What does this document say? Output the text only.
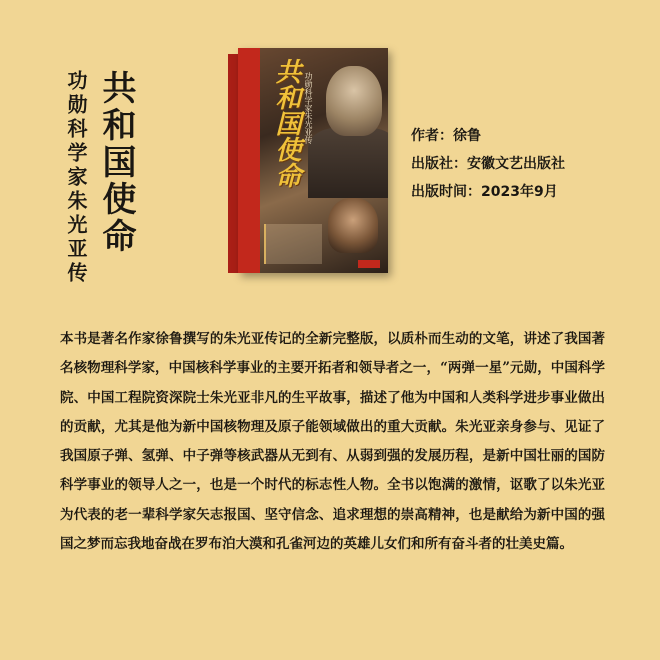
共和国使命
功勋科学家朱光亚传	共和国使命 功勋科学家朱光亚传	作者：徐鲁
出版社：安徽文艺出版社
出版时间：2023年9月

本书是著名作家徐鲁撰写的朱光亚传记的全新完整版，以质朴而生动的文笔，讲述了我国著名核物理科学家，中国核科学事业的主要开拓者和领导者之一，“两弹一星”元勋，中国科学院、中国工程院资深院士朱光亚非凡的生平故事，描述了他为中国和人类科学进步事业做出的贡献，尤其是他为新中国核物理及原子能领域做出的重大贡献。朱光亚亲身参与、见证了我国原子弹、氢弹、中子弹等核武器从无到有、从弱到强的发展历程，是新中国壮丽的国防科学事业的领导人之一，也是一个时代的标志性人物。全书以饱满的激情，讴歌了以朱光亚为代表的老一辈科学家矢志报国、坚守信念、追求理想的崇高精神，也是献给为新中国的强国之梦而忘我地奋战在罗布泊大漠和孔雀河边的英雄儿女们和所有奋斗者的壮美史篇。
